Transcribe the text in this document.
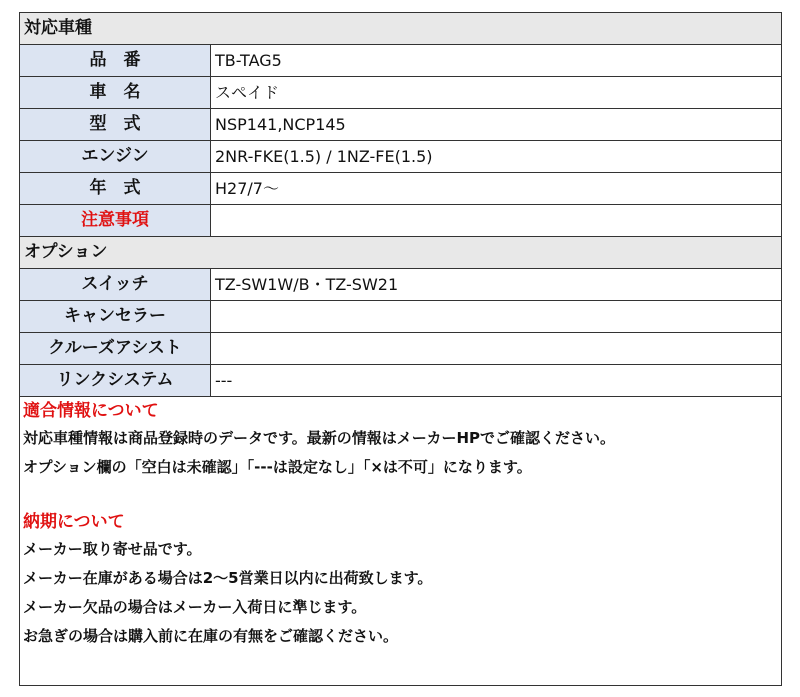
対応車種
品　番	TB-TAG5
車　名	スペイド
型　式	NSP141,NCP145
エンジン	2NR-FKE(1.5) / 1NZ-FE(1.5)
年　式	H27/7〜
注意事項
オプション
スイッチ	TZ-SW1W/B・TZ-SW21
キャンセラー
クルーズアシスト
リンクシステム	---
適合情報について
対応車種情報は商品登録時のデータです。最新の情報はメーカーHPでご確認ください。
オプション欄の「空白は未確認」「---は設定なし」「×は不可」になります。
納期について
メーカー取り寄せ品です。
メーカー在庫がある場合は2〜5営業日以内に出荷致します。
メーカー欠品の場合はメーカー入荷日に準じます。
お急ぎの場合は購入前に在庫の有無をご確認ください。
